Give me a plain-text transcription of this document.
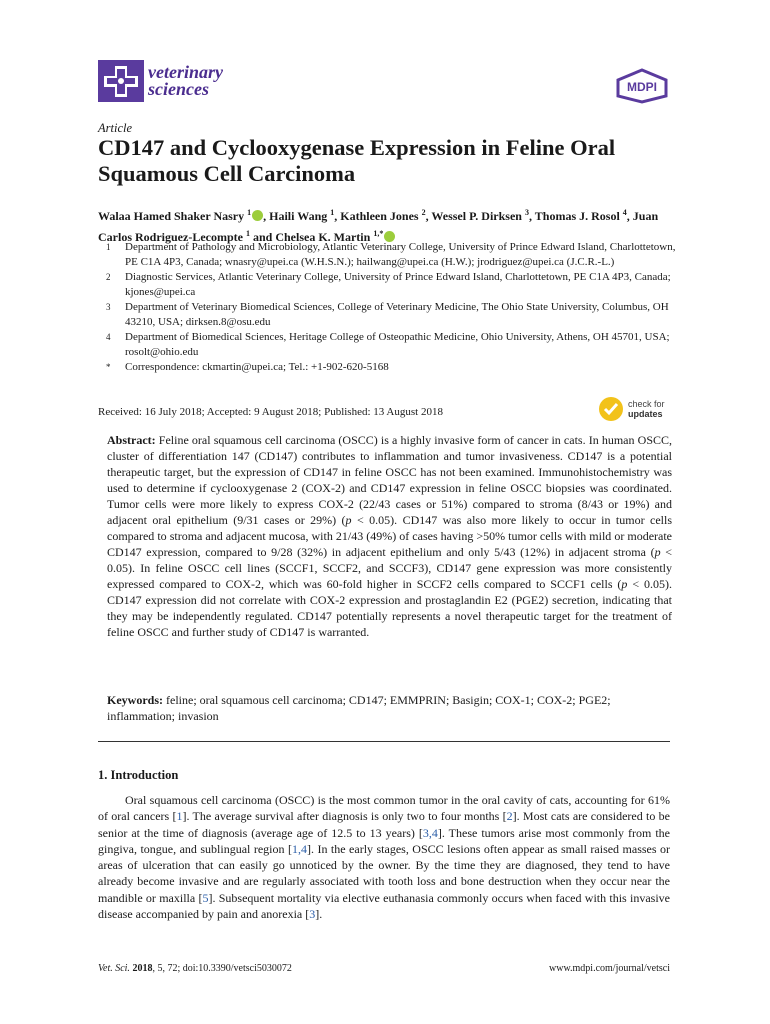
veterinary
sciences	MDPI
Article
CD147 and Cyclooxygenase Expression in Feline Oral Squamous Cell Carcinoma
Walaa Hamed Shaker Nasry $^1$ , Haili Wang $^1$, Kathleen Jones $^2$, Wessel P. Dirksen $^3$, Thomas J. Rosol $^4$, Juan Carlos Rodriguez-Lecompte $^1$ and Chelsea K. Martin $^{1,*}$
1	Department of Pathology and Microbiology, Atlantic Veterinary College, University of Prince Edward Island, Charlottetown, PE C1A 4P3, Canada; wnasry@upei.ca (W.H.S.N.); hailwang@upei.ca (H.W.); jrodriguez@upei.ca (J.C.R.-L.)
2	Diagnostic Services, Atlantic Veterinary College, University of Prince Edward Island, Charlottetown, PE C1A 4P3, Canada; kjones@upei.ca
3	Department of Veterinary Biomedical Sciences, College of Veterinary Medicine, The Ohio State University, Columbus, OH 43210, USA; dirksen.8@osu.edu
4	Department of Biomedical Sciences, Heritage College of Osteopathic Medicine, Ohio University, Athens, OH 45701, USA; rosolt@ohio.edu
*	Correspondence: ckmartin@upei.ca; Tel.: +1-902-620-5168
Received: 16 July 2018; Accepted: 9 August 2018; Published: 13 August 2018
check for
updates

Abstract: Feline oral squamous cell carcinoma (OSCC) is a highly invasive form of cancer in cats. In human OSCC, cluster of differentiation 147 (CD147) contributes to inflammation and tumor invasiveness. CD147 is a potential therapeutic target, but the expression of CD147 in feline OSCC has not been examined. Immunohistochemistry was used to determine if cyclooxygenase 2 (COX-2) and CD147 expression in feline OSCC biopsies was coordinated. Tumor cells were more likely to express COX-2 (22/43 cases or 51%) compared to stroma (8/43 or 19%) and adjacent oral epithelium (9/31 cases or 29%) (p < 0.05). CD147 was also more likely to occur in tumor cells compared to stroma and adjacent mucosa, with 21/43 (49%) of cases having >50% tumor cells with mild or moderate CD147 expression, compared to 9/28 (32%) in adjacent epithelium and only 5/43 (12%) in adjacent stroma (p < 0.05). In feline OSCC cell lines (SCCF1, SCCF2, and SCCF3), CD147 gene expression was more consistently expressed compared to COX-2, which was 60-fold higher in SCCF2 cells compared to SCCF1 cells (p < 0.05). CD147 expression did not correlate with COX-2 expression and prostaglandin E2 (PGE2) secretion, indicating that they may be independently regulated. CD147 potentially represents a novel therapeutic target for the treatment of feline OSCC and further study of CD147 is warranted.

Keywords: feline; oral squamous cell carcinoma; CD147; EMMPRIN; Basigin; COX-1; COX-2; PGE2; inflammation; invasion

1. Introduction

Oral squamous cell carcinoma (OSCC) is the most common tumor in the oral cavity of cats, accounting for 61% of oral cancers [1]. The average survival after diagnosis is only two to four months [2]. Most cats are considered to be senior at the time of diagnosis (average age of 12.5 to 13 years) [3,4]. These tumors arise most commonly from the gingiva, tongue, and sublingual region [1,4]. In the early stages, OSCC lesions often appear as small raised masses or areas of ulceration that can easily go unnoticed by the owner. By the time they are diagnosed, they tend to have already become invasive and are regularly associated with tooth loss and bone destruction when they occur near the mandible or maxilla [5]. Subsequent mortality via elective euthanasia commonly occurs when faced with this invasive disease accompanied by pain and anorexia [3].

Vet. Sci. 2018, 5, 72; doi:10.3390/vetsci5030072	www.mdpi.com/journal/vetsci
